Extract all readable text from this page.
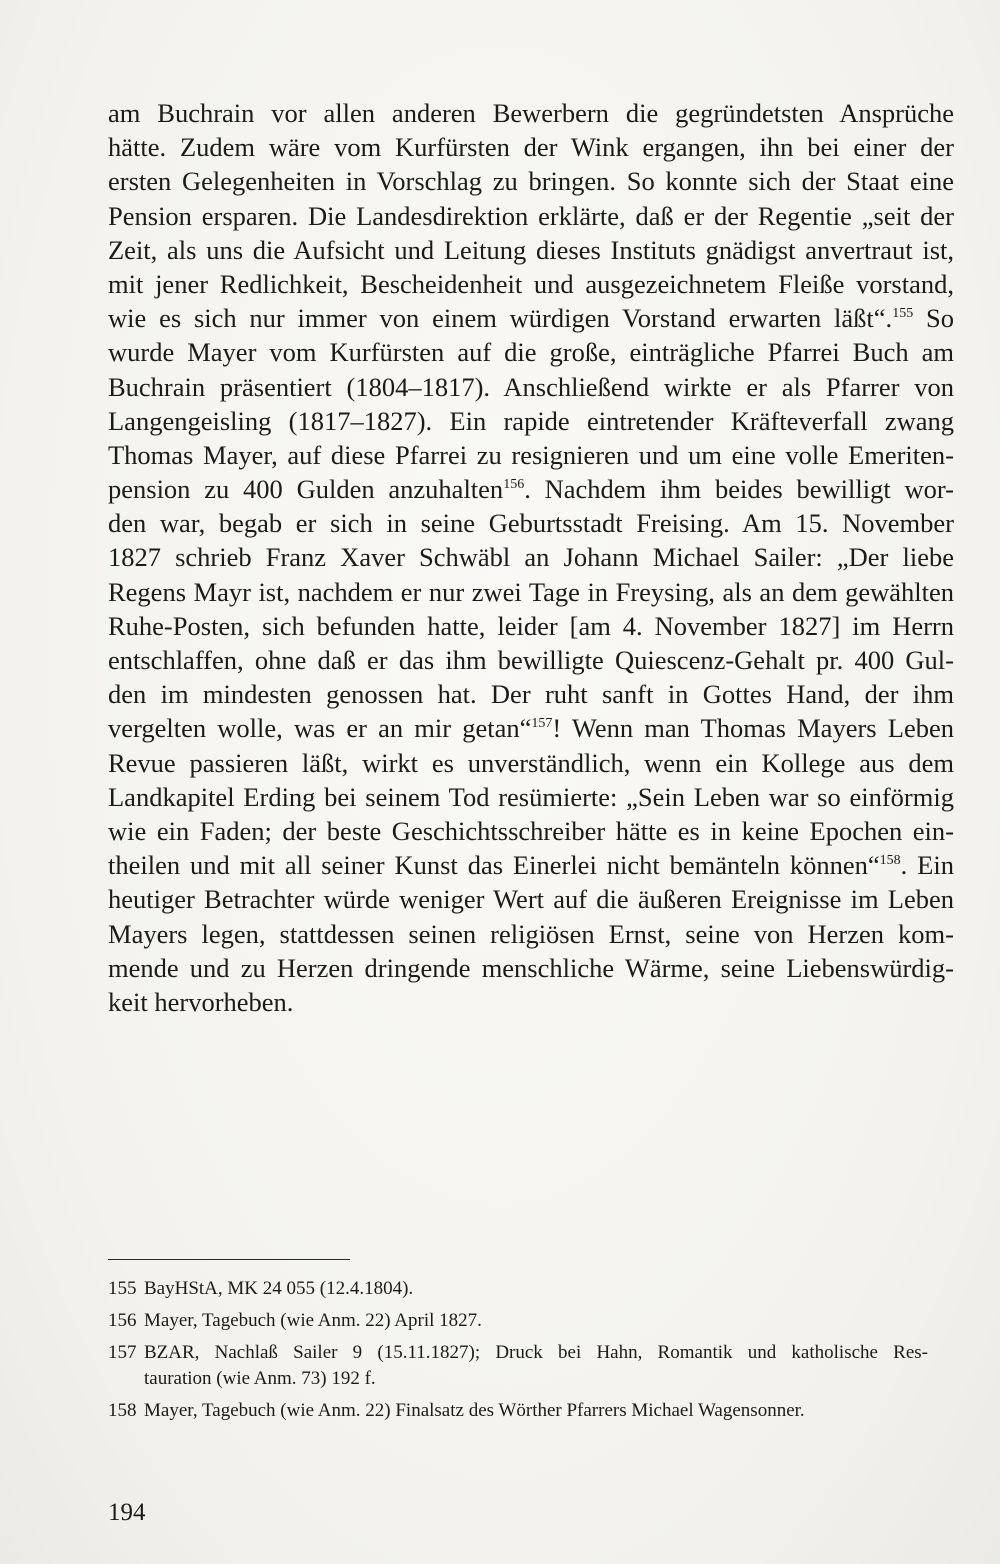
am Buchrain vor allen anderen Bewerbern die gegründetsten Ansprüche
hätte. Zudem wäre vom Kurfürsten der Wink ergangen, ihn bei einer der
ersten Gelegenheiten in Vorschlag zu bringen. So konnte sich der Staat eine
Pension ersparen. Die Landesdirektion erklärte, daß er der Regentie „seit der
Zeit, als uns die Aufsicht und Leitung dieses Instituts gnädigst anvertraut ist,
mit jener Redlichkeit, Bescheidenheit und ausgezeichnetem Fleiße vorstand,
wie es sich nur immer von einem würdigen Vorstand erwarten läßt“.$^{155}$ So
wurde Mayer vom Kurfürsten auf die große, einträgliche Pfarrei Buch am
Buchrain präsentiert (1804–1817). Anschließend wirkte er als Pfarrer von
Langengeisling (1817–1827). Ein rapide eintretender Kräfteverfall zwang
Thomas Mayer, auf diese Pfarrei zu resignieren und um eine volle Emeriten-
pension zu 400 Gulden anzuhalten$^{156}$. Nachdem ihm beides bewilligt wor-
den war, begab er sich in seine Geburtsstadt Freising. Am 15. November
1827 schrieb Franz Xaver Schwäbl an Johann Michael Sailer: „Der liebe
Regens Mayr ist, nachdem er nur zwei Tage in Freysing, als an dem gewählten
Ruhe-Posten, sich befunden hatte, leider [am 4. November 1827] im Herrn
entschlaffen, ohne daß er das ihm bewilligte Quiescenz-Gehalt pr. 400 Gul-
den im mindesten genossen hat. Der ruht sanft in Gottes Hand, der ihm
vergelten wolle, was er an mir getan“$^{157}$! Wenn man Thomas Mayers Leben
Revue passieren läßt, wirkt es unverständlich, wenn ein Kollege aus dem
Landkapitel Erding bei seinem Tod resümierte: „Sein Leben war so einförmig
wie ein Faden; der beste Geschichtsschreiber hätte es in keine Epochen ein-
theilen und mit all seiner Kunst das Einerlei nicht bemänteln können“$^{158}$. Ein
heutiger Betrachter würde weniger Wert auf die äußeren Ereignisse im Leben
Mayers legen, stattdessen seinen religiösen Ernst, seine von Herzen kom-
mende und zu Herzen dringende menschliche Wärme, seine Liebenswürdig-
keit hervorheben.
155 BayHStA, MK 24 055 (12.4.1804).
156 Mayer, Tagebuch (wie Anm. 22) April 1827.
157 BZAR, Nachlaß Sailer 9 (15.11.1827); Druck bei Hahn, Romantik und katholische Res-
tauration (wie Anm. 73) 192 f.
158 Mayer, Tagebuch (wie Anm. 22) Finalsatz des Wörther Pfarrers Michael Wagensonner.
194
